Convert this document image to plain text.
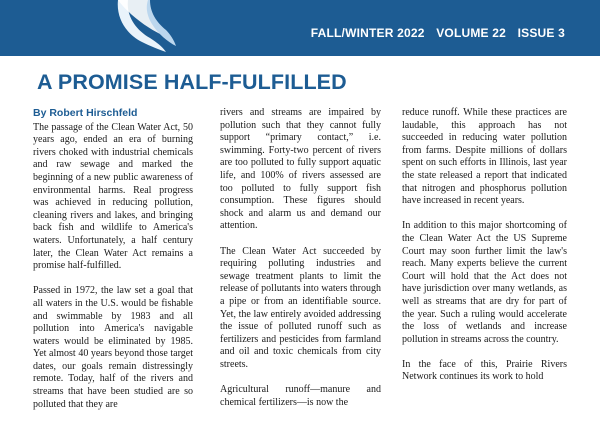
FALL/WINTER 2022 VOLUME 22 ISSUE 3
A PROMISE HALF-FULFILLED
By Robert Hirschfeld

The passage of the Clean Water Act, 50 years ago, ended an era of burning rivers choked with industrial chemicals and raw sewage and marked the beginning of a new public awareness of environmental harms. Real progress was achieved in reducing pollution, cleaning rivers and lakes, and bringing back fish and wildlife to America's waters. Unfortunately, a half century later, the Clean Water Act remains a promise half-fulfilled.

Passed in 1972, the law set a goal that all waters in the U.S. would be fishable and swimmable by 1983 and all pollution into America's navigable waters would be eliminated by 1985. Yet almost 40 years beyond those target dates, our goals remain distressingly remote. Today, half of the rivers and streams that have been studied are so polluted that they are

rivers and streams are impaired by pollution such that they cannot fully support “primary contact,” i.e. swimming. Forty-two percent of rivers are too polluted to fully support aquatic life, and 100% of rivers assessed are too polluted to fully support fish consumption. These figures should shock and alarm us and demand our attention.

The Clean Water Act succeeded by requiring polluting industries and sewage treatment plants to limit the release of pollutants into waters through a pipe or from an identifiable source. Yet, the law entirely avoided addressing the issue of polluted runoff such as fertilizers and pesticides from farmland and oil and toxic chemicals from city streets.

Agricultural runoff—manure and chemical fertilizers—is now the

reduce runoff. While these practices are laudable, this approach has not succeeded in reducing water pollution from farms. Despite millions of dollars spent on such efforts in Illinois, last year the state released a report that indicated that nitrogen and phosphorus pollution have increased in recent years.

In addition to this major shortcoming of the Clean Water Act the US Supreme Court may soon further limit the law's reach. Many experts believe the current Court will hold that the Act does not have jurisdiction over many wetlands, as well as streams that are dry for part of the year. Such a ruling would accelerate the loss of wetlands and increase pollution in streams across the country.

In the face of this, Prairie Rivers Network continues its work to hold
